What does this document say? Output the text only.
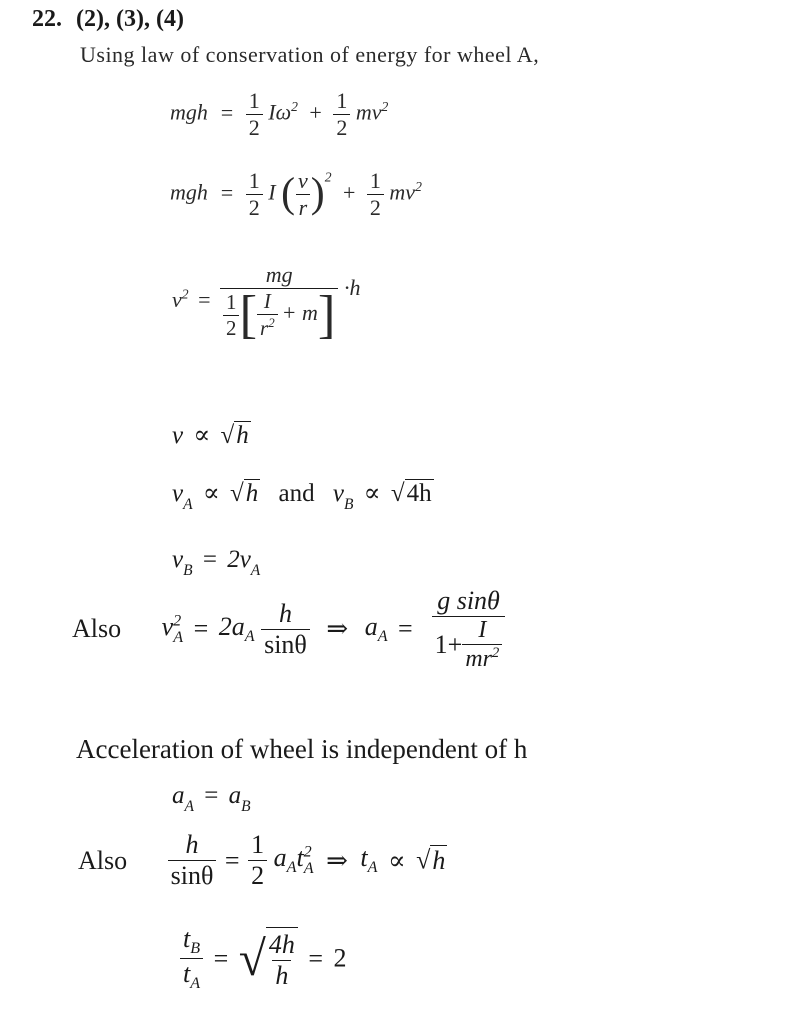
22. (2), (3), (4)
Using law of conservation of energy for wheel A,
mgh = $\frac{1}{2} I\omega^2 + \frac{1}{2} mv^2$
mgh = $\frac{1}{2}$ I ( $\frac{v}{r} )^2 + \frac{1}{2} mv^2$
$v^2 = \frac{mg}{\frac{1}{2} [ \frac{I}{r^2} + m]} \cdot h$
v ∝ √h
$v_A \propto √h$ and $v_B \propto √4h$
$v_B = 2v_A$
Also $v^2_A = 2a_A \frac{h}{\sin\theta}$ ⇒ $a_A = \frac{\text{g sinθ}}{1+ \frac{I}{mr^2}}$
Acceleration of wheel is independent of h
$a_A = a_B$
Also $\frac{h}{\sin\theta} = \frac{1}{2} a_At^2_A$ ⇒ $t_A \propto √h$
$\frac{t_B}{t_A}$ = √ $\frac{4h}{h} = 2$
